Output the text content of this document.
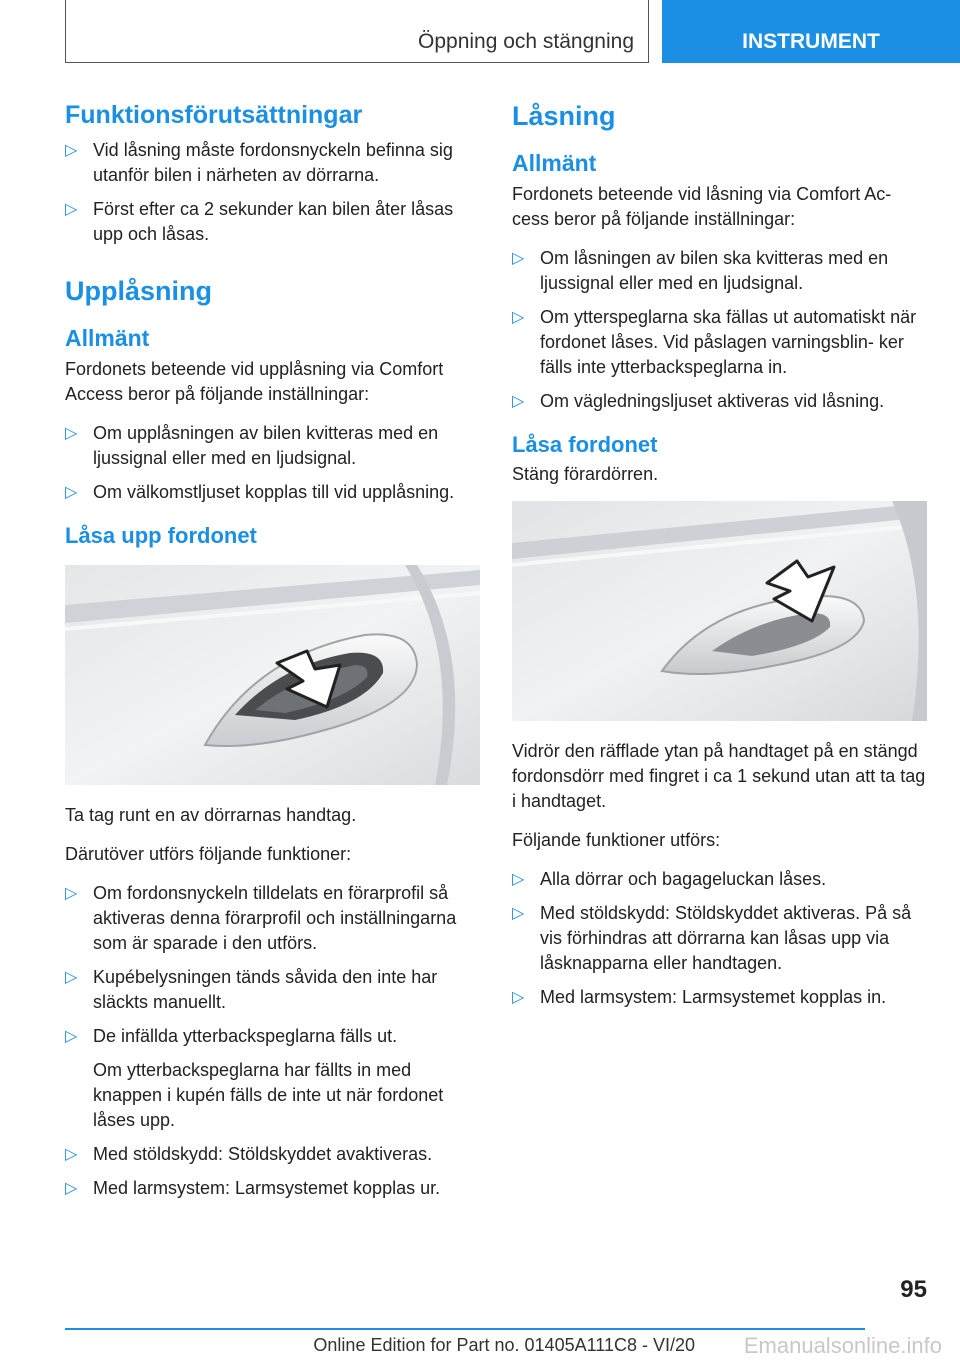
Öppning och stängning	INSTRUMENT
Funktionsförutsättningar
▷ Vid låsning måste fordonsnyckeln befinna sig utanför bilen i närheten av dörrarna.
▷ Först efter ca 2 sekunder kan bilen åter låsas upp och låsas.
Upplåsning
Allmänt

Fordonets beteende vid upplåsning via Comfort Access beror på följande inställningar:

▷ Om upplåsningen av bilen kvitteras med en ljussignal eller med en ljudsignal.
▷ Om välkomstljuset kopplas till vid upplåsning.
Låsa upp fordonet

Ta tag runt en av dörrarnas handtag.

Därutöver utförs följande funktioner:

▷ Om fordonsnyckeln tilldelats en förarprofil så aktiveras denna förarprofil och inställningarna som är sparade i den utförs.
▷ Kupébelysningen tänds såvida den inte har släckts manuellt.
▷ De infällda ytterbackspeglarna fälls ut.
Om ytterbackspeglarna har fällts in med knappen i kupén fälls de inte ut när fordonet låses upp.
▷ Med stöldskydd: Stöldskyddet avaktiveras.
▷ Med larmsystem: Larmsystemet kopplas ur.
Låsning
Allmänt

Fordonets beteende vid låsning via Comfort Ac‐ cess beror på följande inställningar:

▷ Om låsningen av bilen ska kvitteras med en ljussignal eller med en ljudsignal.
▷ Om ytterspeglarna ska fällas ut automatiskt när fordonet låses. Vid påslagen varningsblin‐ ker fälls inte ytterbackspeglarna in.
▷ Om vägledningsljuset aktiveras vid låsning.
Låsa fordonet

Stäng förardörren.

Vidrör den räfflade ytan på handtaget på en stängd fordonsdörr med fingret i ca 1 sekund utan att ta tag i handtaget.

Följande funktioner utförs:

▷ Alla dörrar och bagageluckan låses.
▷ Med stöldskydd: Stöldskyddet aktiveras. På så vis förhindras att dörrarna kan låsas upp via låsknapparna eller handtagen.
▷ Med larmsystem: Larmsystemet kopplas in.
95
Online Edition for Part no. 01405A111C8 - VI/20 Emanualsonline.info
